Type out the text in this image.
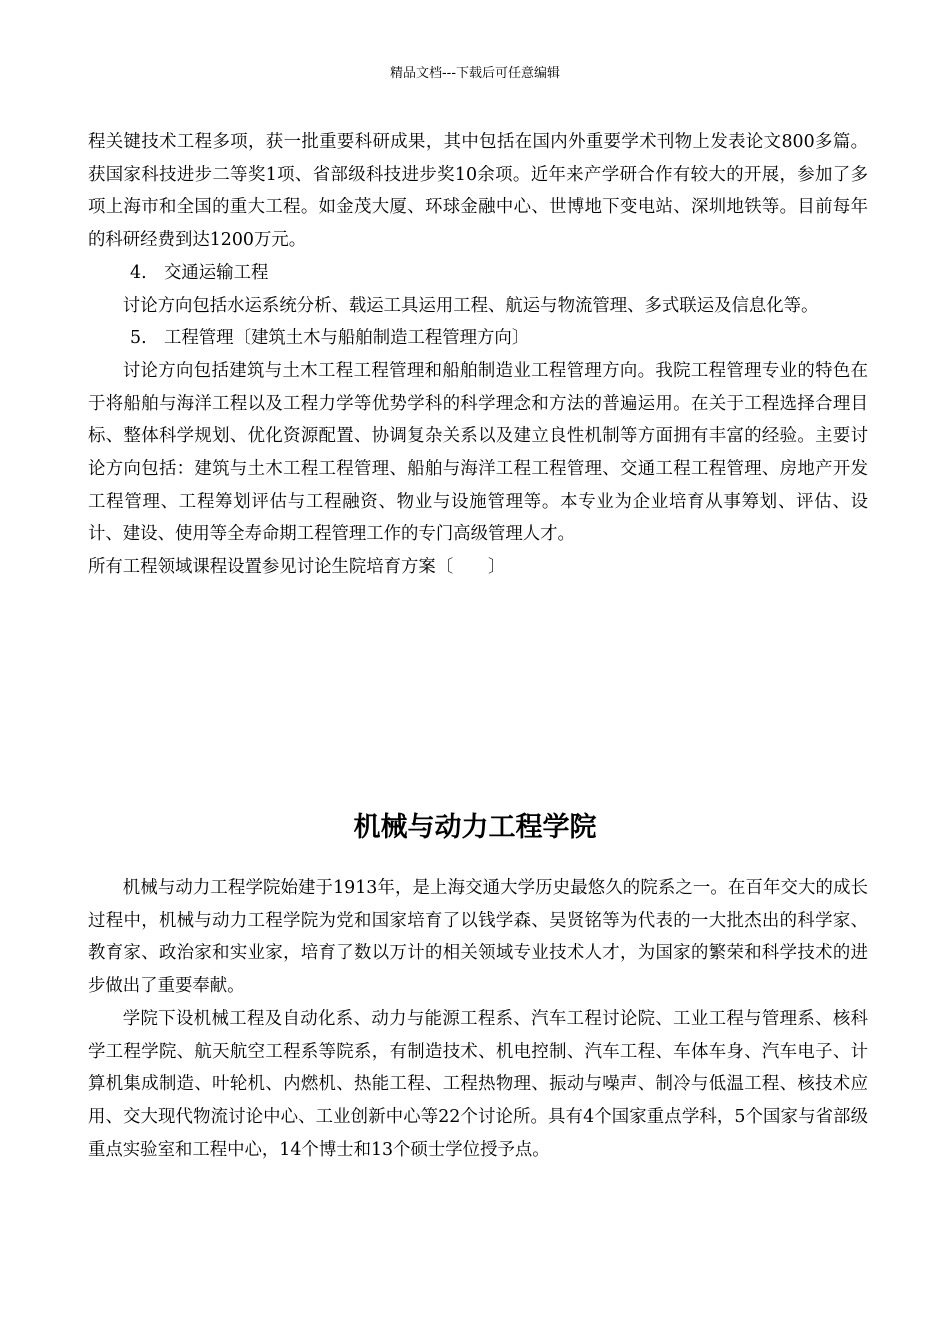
精品文档---下载后可任意编辑

程关键技术工程多项，获一批重要科研成果，其中包括在国内外重要学术刊物上发表论文800多篇。获国家科技进步二等奖1项、省部级科技进步奖10余项。近年来产学研合作有较大的开展，参加了多项上海市和全国的重大工程。如金茂大厦、环球金融中心、世博地下变电站、深圳地铁等。目前每年的科研经费到达1200万元。

4. 交通运输工程

讨论方向包括水运系统分析、载运工具运用工程、航运与物流管理、多式联运及信息化等。

5. 工程管理〔建筑土木与船舶制造工程管理方向〕

讨论方向包括建筑与土木工程工程管理和船舶制造业工程管理方向。我院工程管理专业的特色在于将船舶与海洋工程以及工程力学等优势学科的科学理念和方法的普遍运用。在关于工程选择合理目标、整体科学规划、优化资源配置、协调复杂关系以及建立良性机制等方面拥有丰富的经验。主要讨论方向包括：建筑与土木工程工程管理、船舶与海洋工程工程管理、交通工程工程管理、房地产开发工程管理、工程筹划评估与工程融资、物业与设施管理等。本专业为企业培育从事筹划、评估、设计、建设、使用等全寿命期工程管理工作的专门高级管理人才。

所有工程领域课程设置参见讨论生院培育方案〔　　〕

机械与动力工程学院

机械与动力工程学院始建于1913年，是上海交通大学历史最悠久的院系之一。在百年交大的成长过程中，机械与动力工程学院为党和国家培育了以钱学森、吴贤铭等为代表的一大批杰出的科学家、教育家、政治家和实业家，培育了数以万计的相关领域专业技术人才，为国家的繁荣和科学技术的进步做出了重要奉献。

学院下设机械工程及自动化系、动力与能源工程系、汽车工程讨论院、工业工程与管理系、核科学工程学院、航天航空工程系等院系，有制造技术、机电控制、汽车工程、车体车身、汽车电子、计算机集成制造、叶轮机、内燃机、热能工程、工程热物理、振动与噪声、制冷与低温工程、核技术应用、交大现代物流讨论中心、工业创新中心等22个讨论所。具有4个国家重点学科，5个国家与省部级重点实验室和工程中心，14个博士和13个硕士学位授予点。
